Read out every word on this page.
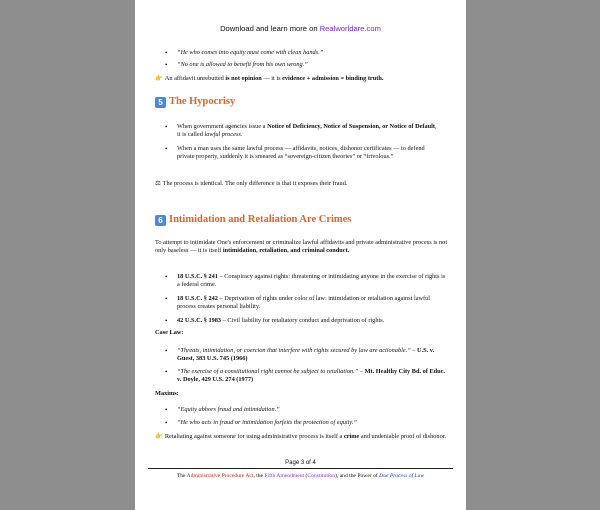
Download and learn more on Realworldare.com
• “He who comes into equity must come with clean hands.”
• “No one is allowed to benefit from his own wrong.”
👉 An affidavit unrebutted is not opinion — it is evidence + admission = binding truth.
5 The Hypocrisy
• When government agencies issue a Notice of Deficiency, Notice of Suspension, or Notice of Default, it is called lawful process.
• When a man uses the same lawful process — affidavits, notices, dishonor certificates — to defend private property, suddenly it is smeared as “sovereign-citizen theories” or “frivolous.”
⚖ The process is identical. The only difference is that it exposes their fraud.
6 Intimidation and Retaliation Are Crimes
To attempt to intimidate One's enforcement or criminalize lawful affidavits and private administrative process is not only baseless — it is itself intimidation, retaliation, and criminal conduct.
• 18 U.S.C. § 241 – Conspiracy against rights: threatening or intimidating anyone in the exercise of rights is a federal crime.
• 18 U.S.C. § 242 – Deprivation of rights under color of law: intimidation or retaliation against lawful process creates personal liability.
• 42 U.S.C. § 1983 – Civil liability for retaliatory conduct and deprivation of rights.
Case Law:
• “Threats, intimidation, or coercion that interfere with rights secured by law are actionable.” – U.S. v. Guest, 383 U.S. 745 (1966)
• “The exercise of a constitutional right cannot be subject to retaliation.” – Mt. Healthy City Bd. of Educ. v. Doyle, 429 U.S. 274 (1977)
Maxims:
• “Equity abhors fraud and intimidation.”
• “He who acts in fraud or intimidation forfeits the protection of equity.”
👉 Retaliating against someone for using administrative process is itself a crime and undeniable proof of dishonor.
Page 3 of 4
The Administrative Procedure Act, the Fifth Amendment (Constitution), and the Power of Due Process of Law
